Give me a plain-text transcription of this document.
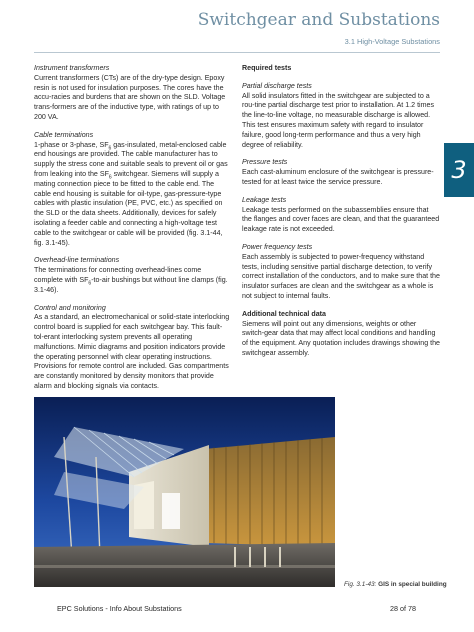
Switchgear and Substations
3.1 High-Voltage Substations
3
Instrument transformers

Current transformers (CTs) are of the dry-type design. Epoxy resin is not used for insulation purposes. The cores have the accu-racies and burdens that are shown on the SLD. Voltage trans-formers are of the inductive type, with ratings of up to 200 VA.

Cable terminations

1-phase or 3-phase, $SF_6$ gas-insulated, metal-enclosed cable end housings are provided. The cable manufacturer has to supply the stress cone and suitable seals to prevent oil or gas from leaking into the $SF_6$ switchgear. Siemens will supply a mating connection piece to be fitted to the cable end. The cable end housing is suitable for oil-type, gas-pressure-type cables with plastic insulation (PE, PVC, etc.) as specified on the SLD or the data sheets. Additionally, devices for safely isolating a feeder cable and connecting a high-voltage test cable to the switchgear or cable will be provided (fig. 3.1-44, fig. 3.1-45).

Overhead-line terminations

The terminations for connecting overhead-lines come complete with $SF_6-to$-air bushings but without line clamps (fig. 3.1-46).

Control and monitoring

As a standard, an electromechanical or solid-state interlocking control board is supplied for each switchgear bay. This fault-tol-erant interlocking system prevents all operating malfunctions. Mimic diagrams and position indicators provide the operating personnel with clear operating instructions. Provisions for remote control are included. Gas compartments are constantly monitored by density monitors that provide alarm and blocking signals via contacts.

Required tests
Partial discharge tests

All solid insulators fitted in the switchgear are subjected to a rou-tine partial discharge test prior to installation. At 1.2 times the line-to-line voltage, no measurable discharge is allowed. This test ensures maximum safety with regard to insulator failure, good long-term performance and thus a very high degree of reliability.

Pressure tests

Each cast-aluminum enclosure of the switchgear is pressure-tested for at least twice the service pressure.

Leakage tests

Leakage tests performed on the subassemblies ensure that the flanges and cover faces are clean, and that the guaranteed leakage rate is not exceeded.

Power frequency tests

Each assembly is subjected to power-frequency withstand tests, including sensitive partial discharge detection, to verify correct installation of the conductors, and to make sure that the insulator surfaces are clean and the switchgear as a whole is not subject to internal faults.

Additional technical data

Siemens will point out any dimensions, weights or other switch-gear data that may affect local conditions and handling of the equipment. Any quotation includes drawings showing the switchgear assembly.

Fig. 3.1-43: GIS in special building
EPC Solutions - Info About Substations	28 of 78
